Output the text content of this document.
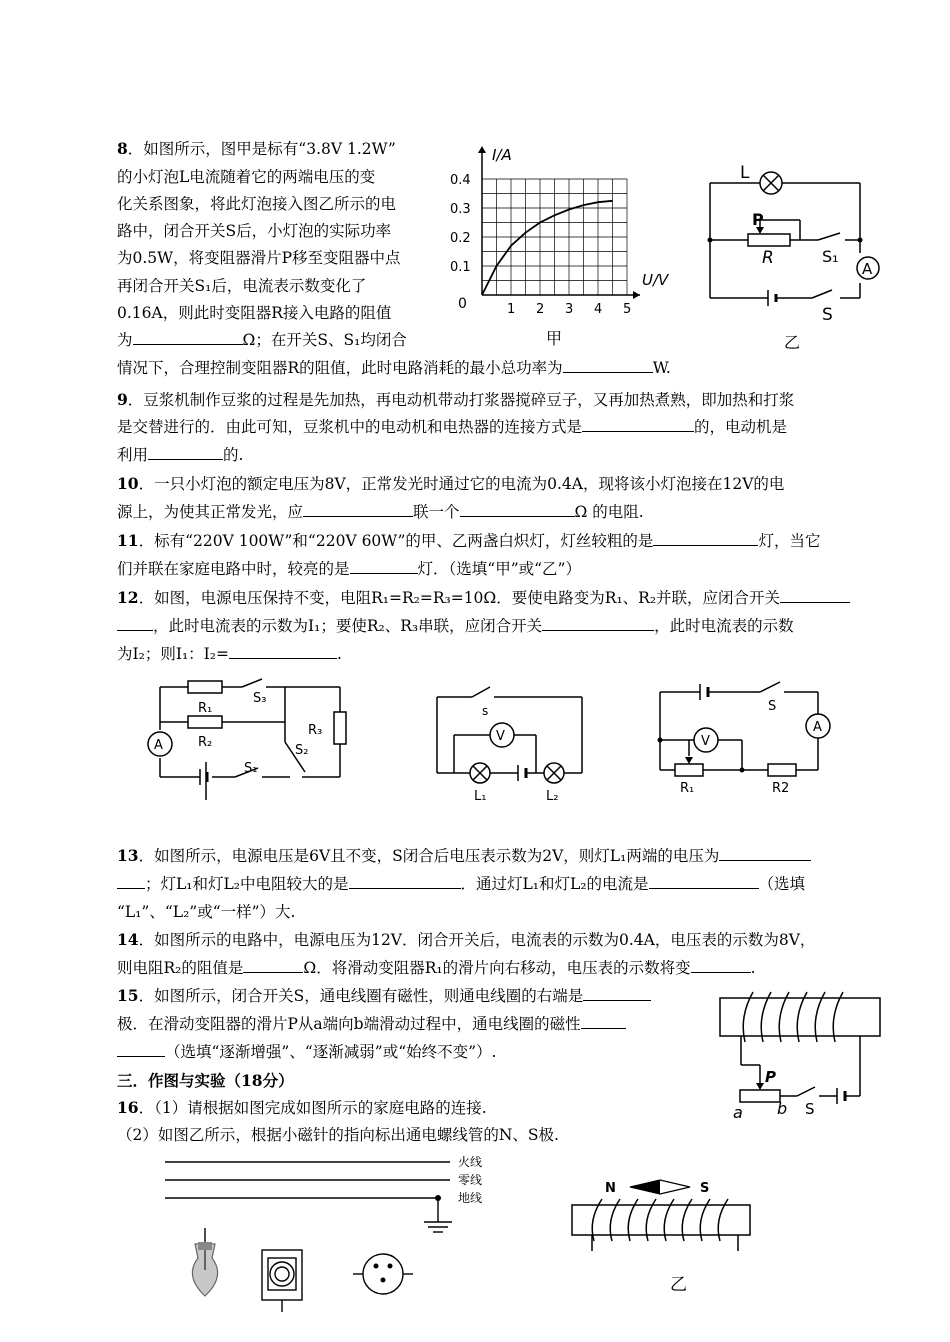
8．如图所示，图甲是标有“3.8V 1.2W”
的小灯泡L电流随着它的两端电压的变
化关系图象，将此灯泡接入图乙所示的电
路中，闭合开关S后，小灯泡的实际功率
为0.5W，将变阻器滑片P移至变阻器中点
再闭合开关S₁后，电流表示数变化了
0.16A，则此时变阻器R接入电路的阻值
为	Ω；在开关S、S₁均闭合
情况下，合理控制变阻器R的阻值，此时电路消耗的最小总功率为	W.
0.4
0.3
0.2
0.1
1 2 3 4 5
I/A
U/V
0
甲
L
P
R	S₁
A
S
乙
9．豆浆机制作豆浆的过程是先加热，再电动机带动打浆器搅碎豆子，又再加热煮熟，即加热和打浆
是交替进行的．由此可知，豆浆机中的电动机和电热器的连接方式是	的，电动机是
利用	的.
10．一只小灯泡的额定电压为8V，正常发光时通过它的电流为0.4A，现将该小灯泡接在12V的电
源上，为使其正常发光，应	联一个	Ω 的电阻.
11．标有“220V 100W”和“220V 60W”的甲、乙两盏白炽灯，灯丝较粗的是	灯，当它
们并联在家庭电路中时，较亮的是	灯．（选填“甲”或“乙”）
12．如图，电源电压保持不变，电阻R₁=R₂=R₃=10Ω．要使电路变为R₁、R₂并联，应闭合开关
，此时电流表的示数为I₁；要使R₂、R₃串联，应闭合开关	，此时电流表的示数
为I₂；则I₁：I₂=	.
S₃
R₁
R₃
R₂
A	S₂
S₁
s
V
L₁	L₂
S
V
A
R₁	R2
13．如图所示，电源电压是6V且不变，S闭合后电压表示数为2V，则灯L₁两端的电压为
；灯L₁和灯L₂中电阻较大的是	．通过灯L₁和灯L₂的电流是	（选填
“L₁”、“L₂”或“一样”）大.
14．如图所示的电路中，电源电压为12V．闭合开关后，电流表的示数为0.4A，电压表的示数为8V，
则电阻R₂的阻值是	Ω．将滑动变阻器R₁的滑片向右移动，电压表的示数将变	.
15．如图所示，闭合开关S，通电线圈有磁性，则通电线圈的右端是
极．在滑动变阻器的滑片P从a端向b端滑动过程中，通电线圈的磁性
（选填“逐渐增强”、“逐渐减弱”或“始终不变”）.
P
a b S
三．作图与实验（18分）
16．（1）请根据如图完成如图所示的家庭电路的连接.
（2）如图乙所示，根据小磁针的指向标出通电螺线管的N、S极.
火线
零线
地线
N	S
乙
